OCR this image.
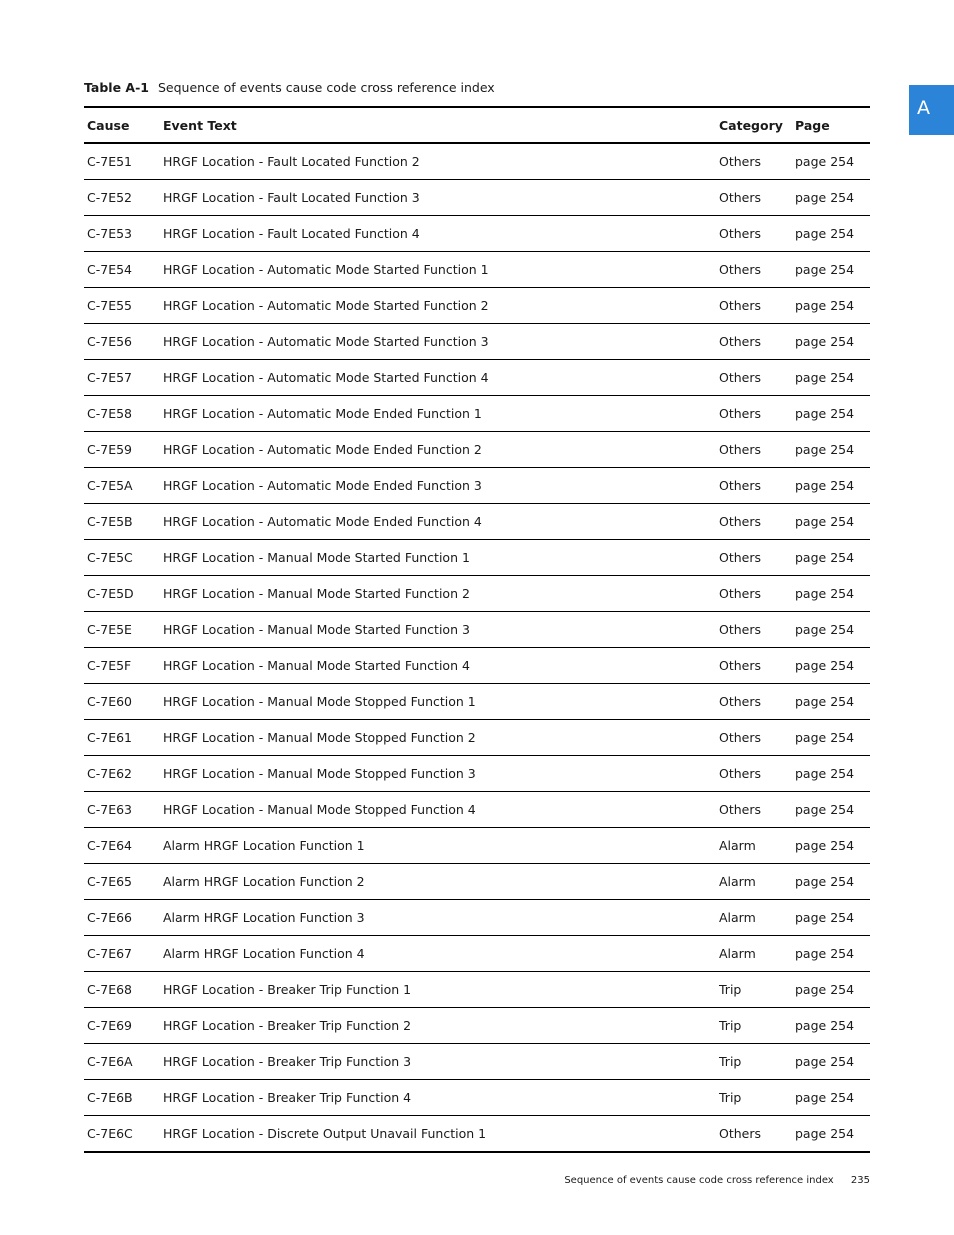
Table A-1 Sequence of events cause code cross reference index
A
Cause	Event Text	Category	Page
C-7E51	HRGF Location - Fault Located Function 2	Others	page 254
C-7E52	HRGF Location - Fault Located Function 3	Others	page 254
C-7E53	HRGF Location - Fault Located Function 4	Others	page 254
C-7E54	HRGF Location - Automatic Mode Started Function 1	Others	page 254
C-7E55	HRGF Location - Automatic Mode Started Function 2	Others	page 254
C-7E56	HRGF Location - Automatic Mode Started Function 3	Others	page 254
C-7E57	HRGF Location - Automatic Mode Started Function 4	Others	page 254
C-7E58	HRGF Location - Automatic Mode Ended Function 1	Others	page 254
C-7E59	HRGF Location - Automatic Mode Ended Function 2	Others	page 254
C-7E5A	HRGF Location - Automatic Mode Ended Function 3	Others	page 254
C-7E5B	HRGF Location - Automatic Mode Ended Function 4	Others	page 254
C-7E5C	HRGF Location - Manual Mode Started Function 1	Others	page 254
C-7E5D	HRGF Location - Manual Mode Started Function 2	Others	page 254
C-7E5E	HRGF Location - Manual Mode Started Function 3	Others	page 254
C-7E5F	HRGF Location - Manual Mode Started Function 4	Others	page 254
C-7E60	HRGF Location - Manual Mode Stopped Function 1	Others	page 254
C-7E61	HRGF Location - Manual Mode Stopped Function 2	Others	page 254
C-7E62	HRGF Location - Manual Mode Stopped Function 3	Others	page 254
C-7E63	HRGF Location - Manual Mode Stopped Function 4	Others	page 254
C-7E64	Alarm HRGF Location Function 1	Alarm	page 254
C-7E65	Alarm HRGF Location Function 2	Alarm	page 254
C-7E66	Alarm HRGF Location Function 3	Alarm	page 254
C-7E67	Alarm HRGF Location Function 4	Alarm	page 254
C-7E68	HRGF Location - Breaker Trip Function 1	Trip	page 254
C-7E69	HRGF Location - Breaker Trip Function 2	Trip	page 254
C-7E6A	HRGF Location - Breaker Trip Function 3	Trip	page 254
C-7E6B	HRGF Location - Breaker Trip Function 4	Trip	page 254
C-7E6C	HRGF Location - Discrete Output Unavail Function 1	Others	page 254
Sequence of events cause code cross reference index 235
